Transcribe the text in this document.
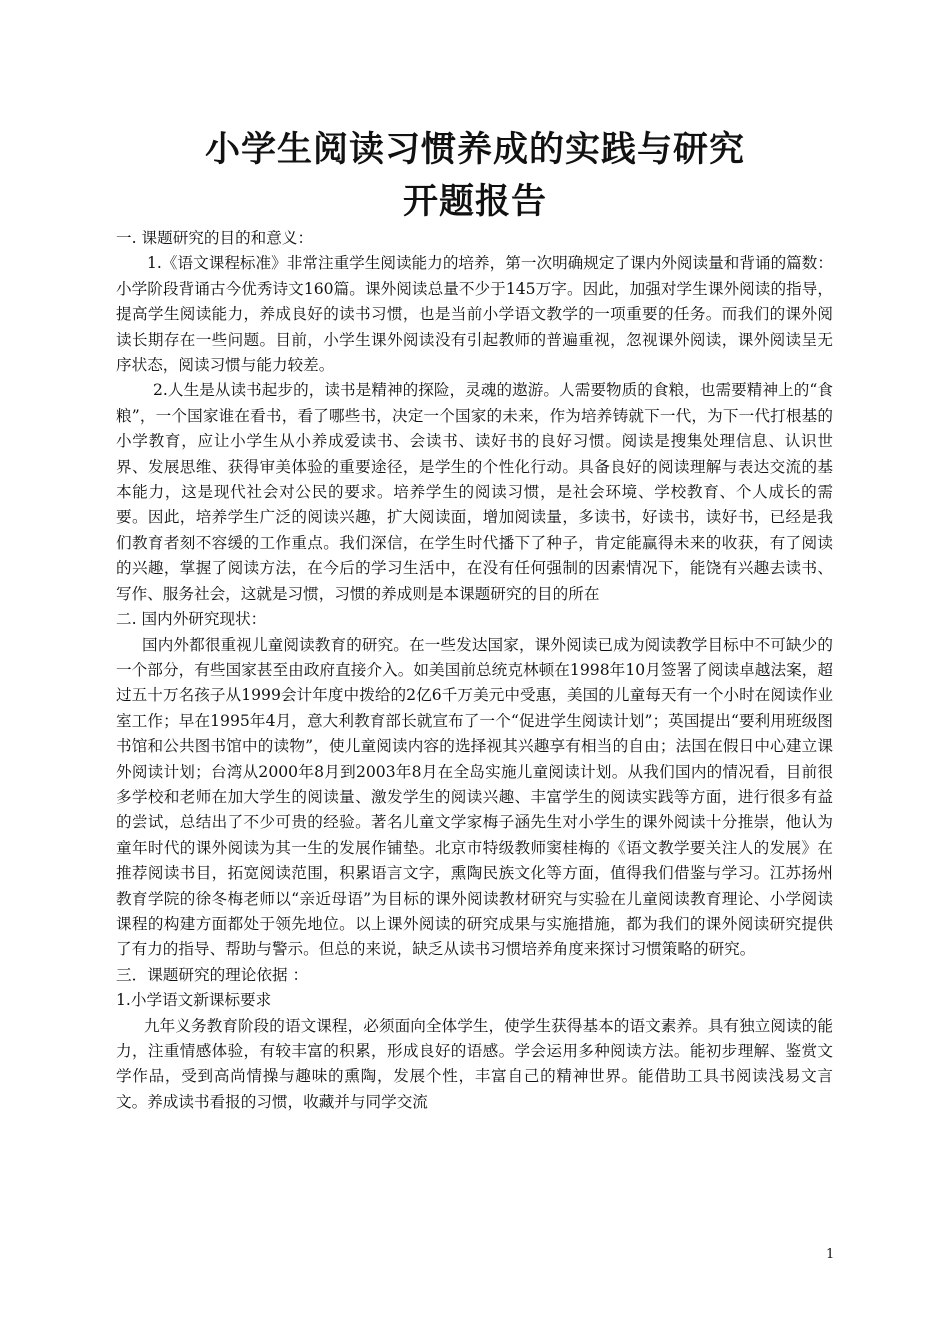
小学生阅读习惯养成的实践与研究
开题报告

一. 课题研究的目的和意义：

1.《语文课程标准》非常注重学生阅读能力的培养，第一次明确规定了课内外阅读量和背诵的篇数：小学阶段背诵古今优秀诗文160篇。课外阅读总量不少于145万字。因此，加强对学生课外阅读的指导，提高学生阅读能力，养成良好的读书习惯，也是当前小学语文教学的一项重要的任务。而我们的课外阅读长期存在一些问题。目前，小学生课外阅读没有引起教师的普遍重视，忽视课外阅读，课外阅读呈无序状态，阅读习惯与能力较差。

2.人生是从读书起步的，读书是精神的探险，灵魂的遨游。人需要物质的食粮，也需要精神上的“食粮”，一个国家谁在看书，看了哪些书，决定一个国家的未来，作为培养铸就下一代，为下一代打根基的小学教育，应让小学生从小养成爱读书、会读书、读好书的良好习惯。阅读是搜集处理信息、认识世界、发展思维、获得审美体验的重要途径，是学生的个性化行动。具备良好的阅读理解与表达交流的基本能力，这是现代社会对公民的要求。培养学生的阅读习惯，是社会环境、学校教育、个人成长的需要。因此，培养学生广泛的阅读兴趣，扩大阅读面，增加阅读量，多读书，好读书，读好书，已经是我们教育者刻不容缓的工作重点。我们深信，在学生时代播下了种子，肯定能赢得未来的收获，有了阅读的兴趣，掌握了阅读方法，在今后的学习生活中，在没有任何强制的因素情况下，能饶有兴趣去读书、写作、服务社会，这就是习惯，习惯的养成则是本课题研究的目的所在

二. 国内外研究现状：

国内外都很重视儿童阅读教育的研究。在一些发达国家，课外阅读已成为阅读教学目标中不可缺少的一个部分，有些国家甚至由政府直接介入。如美国前总统克林顿在1998年10月签署了阅读卓越法案，超过五十万名孩子从1999会计年度中拨给的2亿6千万美元中受惠，美国的儿童每天有一个小时在阅读作业室工作；早在1995年4月，意大利教育部长就宣布了一个“促进学生阅读计划”；英国提出“要利用班级图书馆和公共图书馆中的读物”，使儿童阅读内容的选择视其兴趣享有相当的自由；法国在假日中心建立课外阅读计划；台湾从2000年8月到2003年8月在全岛实施儿童阅读计划。从我们国内的情况看，目前很多学校和老师在加大学生的阅读量、激发学生的阅读兴趣、丰富学生的阅读实践等方面，进行很多有益的尝试，总结出了不少可贵的经验。著名儿童文学家梅子涵先生对小学生的课外阅读十分推崇，他认为童年时代的课外阅读为其一生的发展作铺垫。北京市特级教师窦桂梅的《语文教学要关注人的发展》在推荐阅读书目，拓宽阅读范围，积累语言文字，熏陶民族文化等方面，值得我们借鉴与学习。江苏扬州教育学院的徐冬梅老师以“亲近母语”为目标的课外阅读教材研究与实验在儿童阅读教育理论、小学阅读课程的构建方面都处于领先地位。以上课外阅读的研究成果与实施措施，都为我们的课外阅读研究提供了有力的指导、帮助与警示。但总的来说，缺乏从读书习惯培养角度来探讨习惯策略的研究。

三．课题研究的理论依据 ：

1.小学语文新课标要求

九年义务教育阶段的语文课程，必须面向全体学生，使学生获得基本的语文素养。具有独立阅读的能力，注重情感体验，有较丰富的积累，形成良好的语感。学会运用多种阅读方法。能初步理解、鉴赏文学作品，受到高尚情操与趣味的熏陶，发展个性，丰富自己的精神世界。能借助工具书阅读浅易文言文。养成读书看报的习惯，收藏并与同学交流

1
